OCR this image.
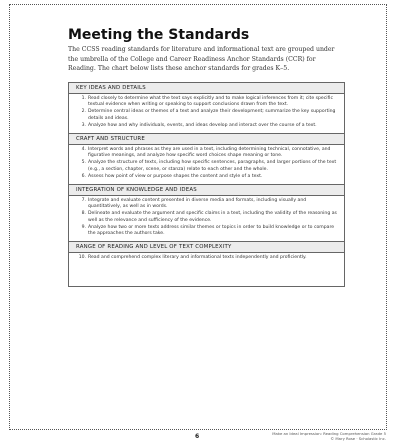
Meeting the Standards

The CCSS reading standards for literature and informational text are grouped under the umbrella of the College and Career Readiness Anchor Standards (CCR) for Reading. The chart below lists these anchor standards for grades K–5.

KEY IDEAS AND DETAILS
1. Read closely to determine what the text says explicitly and to make logical inferences from it; cite specific textual evidence when writing or speaking to support conclusions drawn from the text.
2. Determine central ideas or themes of a text and analyze their development; summarize the key supporting details and ideas.
3. Analyze how and why individuals, events, and ideas develop and interact over the course of a text.
CRAFT AND STRUCTURE
4. Interpret words and phrases as they are used in a text, including determining technical, connotative, and figurative meanings, and analyze how specific word choices shape meaning or tone.
5. Analyze the structure of texts, including how specific sentences, paragraphs, and larger portions of the text (e.g., a section, chapter, scene, or stanza) relate to each other and the whole.
6. Assess how point of view or purpose shapes the content and style of a text.
INTEGRATION OF KNOWLEDGE AND IDEAS
7. Integrate and evaluate content presented in diverse media and formats, including visually and quantitatively, as well as in words.
8. Delineate and evaluate the argument and specific claims in a text, including the validity of the reasoning as well as the relevance and sufficiency of the evidence.
9. Analyze how two or more texts address similar themes or topics in order to build knowledge or to compare the approaches the authors take.
RANGE OF READING AND LEVEL OF TEXT COMPLEXITY
10. Read and comprehend complex literary and informational texts independently and proficiently.
6	Make an Ideal Impression: Reading Comprehension Grade 5
© Mary Rose · Scholastic Inc.
